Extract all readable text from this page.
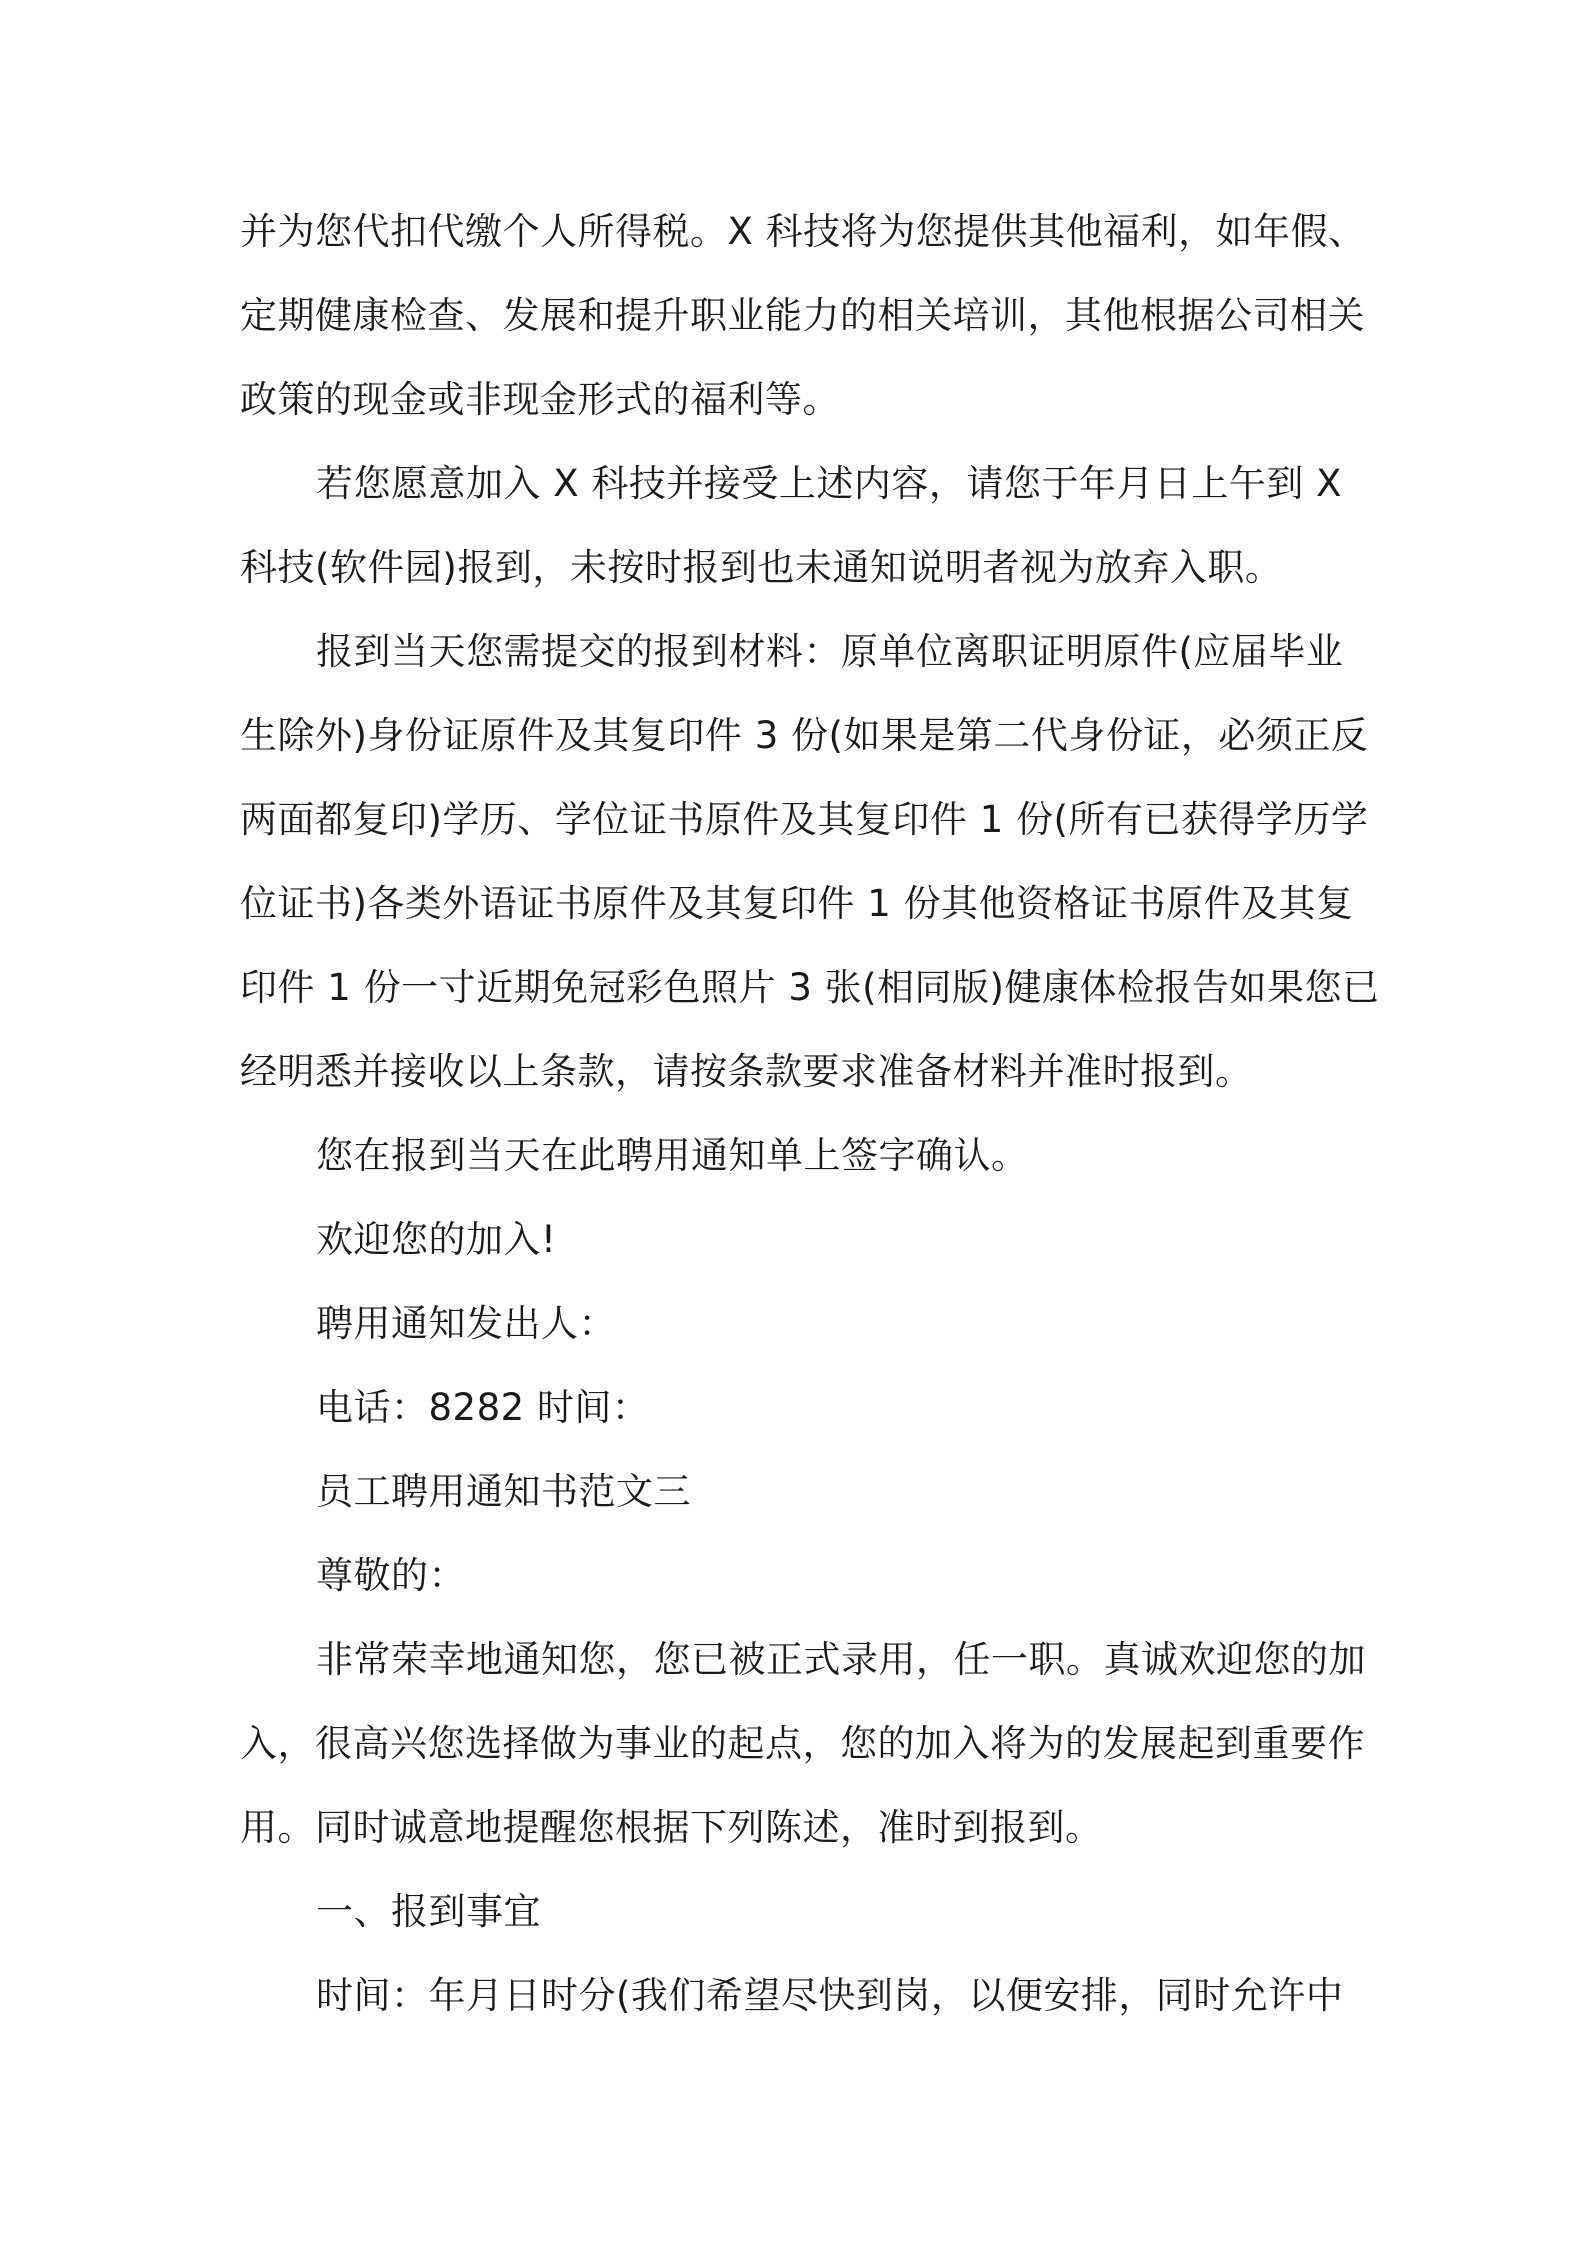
并为您代扣代缴个人所得税。X 科技将为您提供其他福利，如年假、
定期健康检查、发展和提升职业能力的相关培训，其他根据公司相关
政策的现金或非现金形式的福利等。

若您愿意加入 X 科技并接受上述内容，请您于年月日上午到 X
科技(软件园)报到，未按时报到也未通知说明者视为放弃入职。

报到当天您需提交的报到材料：原单位离职证明原件(应届毕业
生除外)身份证原件及其复印件 3 份(如果是第二代身份证，必须正反
两面都复印)学历、学位证书原件及其复印件 1 份(所有已获得学历学
位证书)各类外语证书原件及其复印件 1 份其他资格证书原件及其复
印件 1 份一寸近期免冠彩色照片 3 张(相同版)健康体检报告如果您已
经明悉并接收以上条款，请按条款要求准备材料并准时报到。

您在报到当天在此聘用通知单上签字确认。

欢迎您的加入!

聘用通知发出人：

电话：8282 时间：

员工聘用通知书范文三

尊敬的：

非常荣幸地通知您，您已被正式录用，任一职。真诚欢迎您的加
入，很高兴您选择做为事业的起点，您的加入将为的发展起到重要作
用。同时诚意地提醒您根据下列陈述，准时到报到。

一、报到事宜

时间：年月日时分(我们希望尽快到岗，以便安排，同时允许中
